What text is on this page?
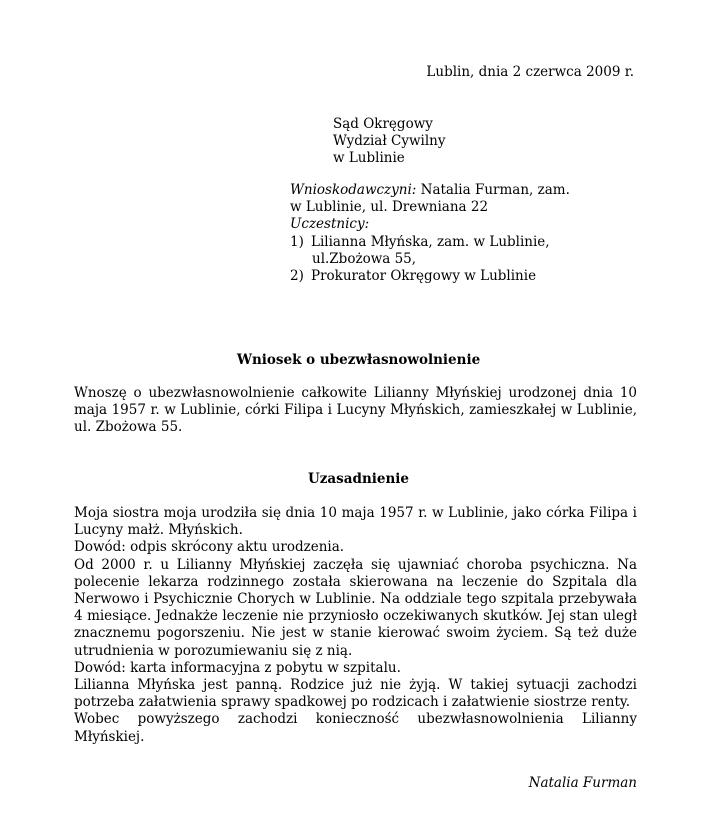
Lublin, dnia 2 czerwca 2009 r.
Sąd Okręgowy
Wydział Cywilny
w Lublinie
Wnioskodawczyni: Natalia Furman, zam.
w Lublinie, ul. Drewniana 22
Uczestnicy:
1) Lilianna Młyńska, zam. w Lublinie,
ul.Zbożowa 55,
2) Prokurator Okręgowy w Lublinie
Wniosek o ubezwłasnowolnienie
Wnoszę o ubezwłasnowolnienie całkowite Lilianny Młyńskiej urodzonej dnia 10 maja 1957 r. w Lublinie, córki Filipa i Lucyny Młyńskich, zamieszkałej w Lublinie, ul. Zbożowa 55.
Uzasadnienie

Moja siostra moja urodziła się dnia 10 maja 1957 r. w Lublinie, jako córka Filipa i Lucyny małż. Młyńskich.

Dowód: odpis skrócony aktu urodzenia.

Od 2000 r. u Lilianny Młyńskiej zaczęła się ujawniać choroba psychiczna. Na polecenie lekarza rodzinnego została skierowana na leczenie do Szpitala dla Nerwowo i Psychicznie Chorych w Lublinie. Na oddziale tego szpitala przebywała 4 miesiące. Jednakże leczenie nie przyniosło oczekiwanych skutków. Jej stan uległ znacznemu pogorszeniu. Nie jest w stanie kierować swoim życiem. Są też duże utrudnienia w porozumiewaniu się z nią.

Dowód: karta informacyjna z pobytu w szpitalu.

Lilianna Młyńska jest panną. Rodzice już nie żyją. W takiej sytuacji zachodzi potrzeba załatwienia sprawy spadkowej po rodzicach i załatwienie siostrze renty.

Wobec powyższego zachodzi konieczność ubezwłasnowolnienia Lilianny Młyńskiej.

Natalia Furman
